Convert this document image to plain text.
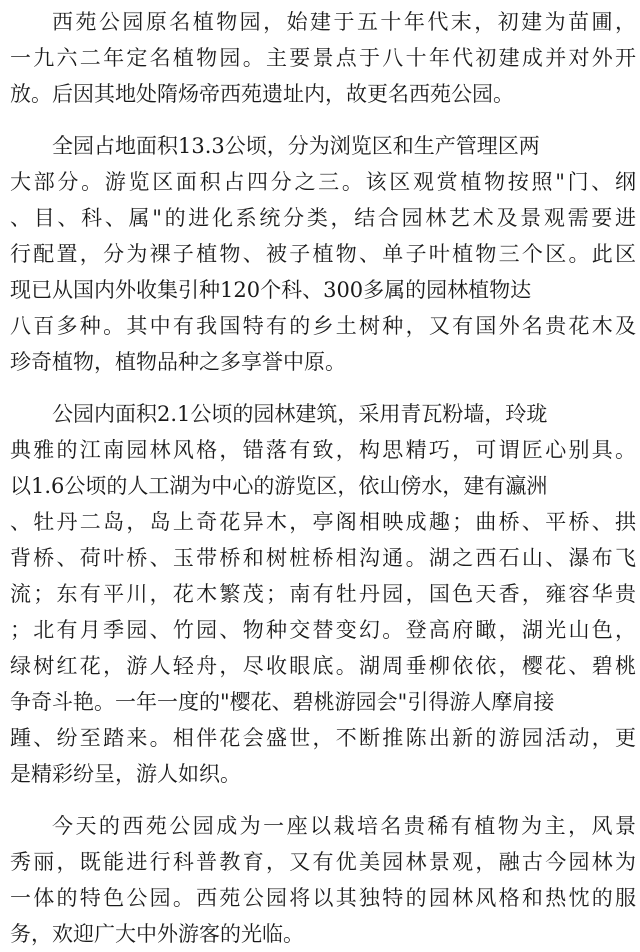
西苑公园原名植物园，始建于五十年代末，初建为苗圃，
一九六二年定名植物园。主要景点于八十年代初建成并对外开
放。后因其地处隋炀帝西苑遗址内，故更名西苑公园。
全园占地面积13.3公顷，分为浏览区和生产管理区两
大部分。游览区面积占四分之三。该区观赏植物按照"门、纲
、目、科、属"的进化系统分类，结合园林艺术及景观需要进
行配置，分为裸子植物、被子植物、单子叶植物三个区。此区
现已从国内外收集引种120个科、300多属的园林植物达
八百多种。其中有我国特有的乡土树种，又有国外名贵花木及
珍奇植物，植物品种之多享誉中原。
公园内面积2.1公顷的园林建筑，采用青瓦粉墙，玲珑
典雅的江南园林风格，错落有致，构思精巧，可谓匠心别具。
以1.6公顷的人工湖为中心的游览区，依山傍水，建有瀛洲
、牡丹二岛，岛上奇花异木，亭阁相映成趣；曲桥、平桥、拱
背桥、荷叶桥、玉带桥和树桩桥相沟通。湖之西石山、瀑布飞
流；东有平川，花木繁茂；南有牡丹园，国色天香，雍容华贵
；北有月季园、竹园、物种交替变幻。登高府瞰，湖光山色，
绿树红花，游人轻舟，尽收眼底。湖周垂柳依依，樱花、碧桃
争奇斗艳。一年一度的"樱花、碧桃游园会"引得游人摩肩接
踵、纷至踏来。相伴花会盛世，不断推陈出新的游园活动，更
是精彩纷呈，游人如织。
今天的西苑公园成为一座以栽培名贵稀有植物为主，风景
秀丽，既能进行科普教育，又有优美园林景观，融古今园林为
一体的特色公园。西苑公园将以其独特的园林风格和热忱的服
务，欢迎广大中外游客的光临。
